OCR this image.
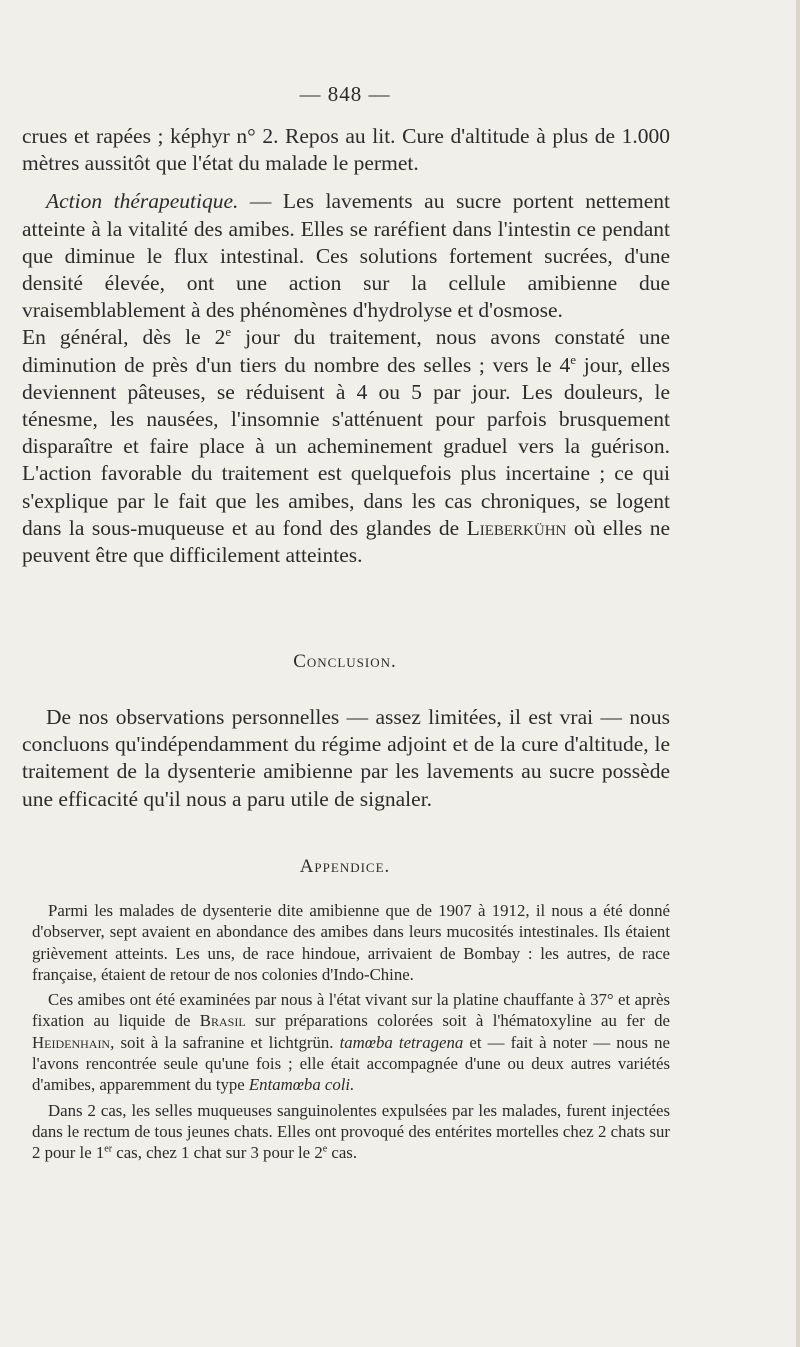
— 848 —

crues et rapées ; képhyr n° 2. Repos au lit. Cure d'altitude à plus de 1.000 mètres aussitôt que l'état du malade le permet.

Action thérapeutique. — Les lavements au sucre portent nettement atteinte à la vitalité des amibes. Elles se raréfient dans l'intestin ce pendant que diminue le flux intestinal. Ces solutions fortement sucrées, d'une densité élevée, ont une action sur la cellule amibienne due vraisemblablement à des phénomènes d'hydrolyse et d'osmose.

En général, dès le 2e jour du traitement, nous avons constaté une diminution de près d'un tiers du nombre des selles ; vers le 4e jour, elles deviennent pâteuses, se réduisent à 4 ou 5 par jour. Les douleurs, le ténesme, les nausées, l'insomnie s'atténuent pour parfois brusquement disparaître et faire place à un acheminement graduel vers la guérison. L'action favorable du traitement est quelquefois plus incertaine ; ce qui s'explique par le fait que les amibes, dans les cas chroniques, se logent dans la sous-muqueuse et au fond des glandes de Lieberkühn où elles ne peuvent être que difficilement atteintes.

Conclusion.

De nos observations personnelles — assez limitées, il est vrai — nous concluons qu'indépendamment du régime adjoint et de la cure d'altitude, le traitement de la dysenterie amibienne par les lavements au sucre possède une efficacité qu'il nous a paru utile de signaler.

Appendice.

Parmi les malades de dysenterie dite amibienne que de 1907 à 1912, il nous a été donné d'observer, sept avaient en abondance des amibes dans leurs mucosités intestinales. Ils étaient grièvement atteints. Les uns, de race hindoue, arrivaient de Bombay : les autres, de race française, étaient de retour de nos colonies d'Indo-Chine.

Ces amibes ont été examinées par nous à l'état vivant sur la platine chauffante à 37° et après fixation au liquide de Brasil sur préparations colorées soit à l'hématoxyline au fer de Heidenhain, soit à la safranine et lichtgrün. tamœba tetragena et — fait à noter — nous ne l'avons rencontrée seule qu'une fois ; elle était accompagnée d'une ou deux autres variétés d'amibes, apparemment du type Entamœba coli.

Dans 2 cas, les selles muqueuses sanguinolentes expulsées par les malades, furent injectées dans le rectum de tous jeunes chats. Elles ont provoqué des entérites mortelles chez 2 chats sur 2 pour le 1er cas, chez 1 chat sur 3 pour le 2e cas.
